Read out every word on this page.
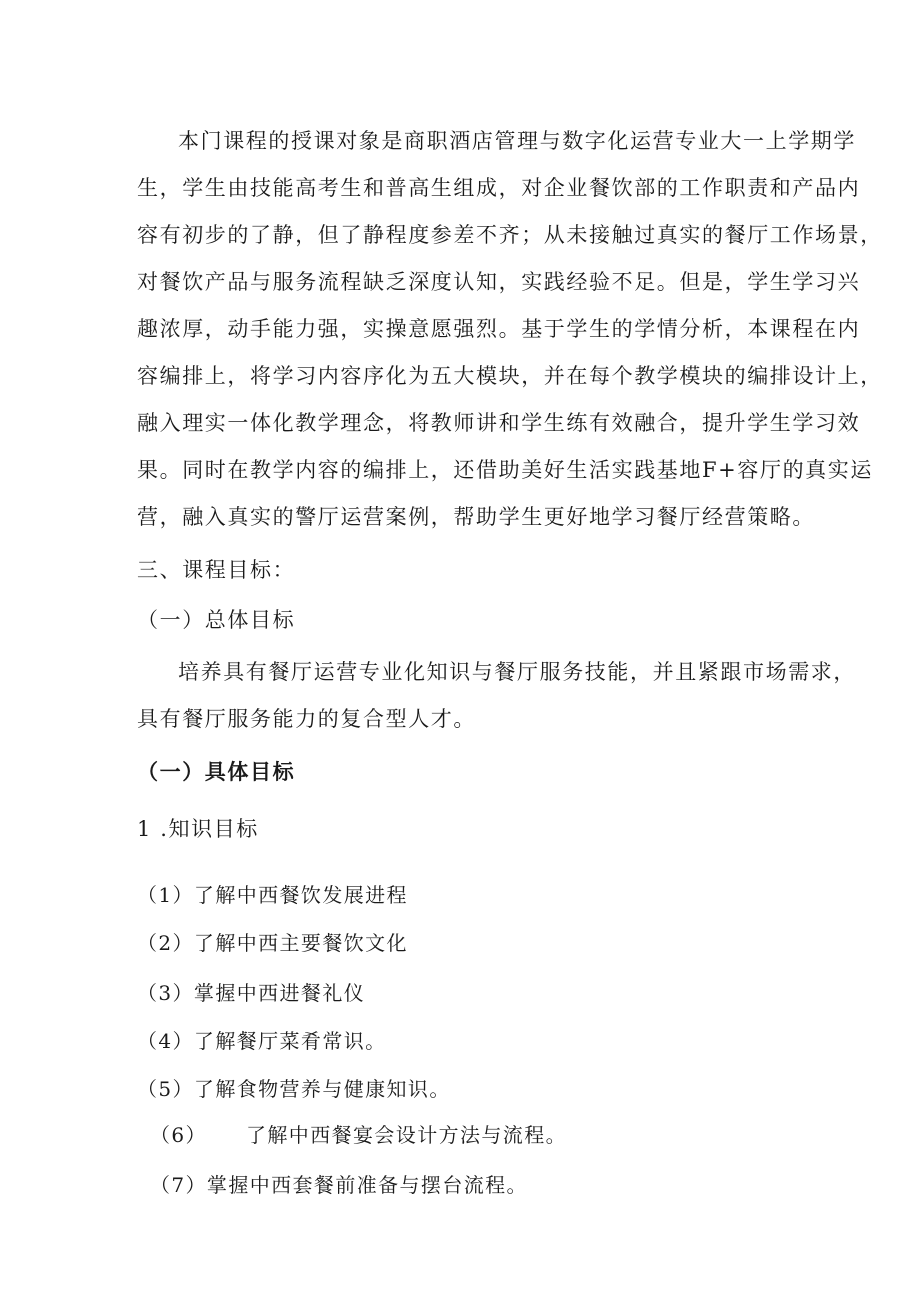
本门课程的授课对象是商职酒店管理与数字化运营专业大一上学期学
生，学生由技能高考生和普高生组成，对企业餐饮部的工作职责和产品内
容有初步的了静，但了静程度参差不齐；从未接触过真实的餐厅工作场景，
对餐饮产品与服务流程缺乏深度认知，实践经验不足。但是，学生学习兴
趣浓厚，动手能力强，实操意愿强烈。基于学生的学情分析，本课程在内
容编排上，将学习内容序化为五大模块，并在每个教学模块的编排设计上，
融入理实一体化教学理念，将教师讲和学生练有效融合，提升学生学习效
果。同时在教学内容的编排上，还借助美好生活实践基地F+容厅的真实运
营，融入真实的警厅运营案例，帮助学生更好地学习餐厅经营策略。
三、课程目标：
（一）总体目标
培养具有餐厅运营专业化知识与餐厅服务技能，并且紧跟市场需求，
具有餐厅服务能力的复合型人才。
（一）具体目标
1 .知识目标
（1）了解中西餐饮发展进程
（2）了解中西主要餐饮文化
（3）掌握中西进餐礼仪
（4）了解餐厅菜肴常识。
（5）了解食物营养与健康知识。
（6） 了解中西餐宴会设计方法与流程。
（7）掌握中西套餐前准备与摆台流程。
